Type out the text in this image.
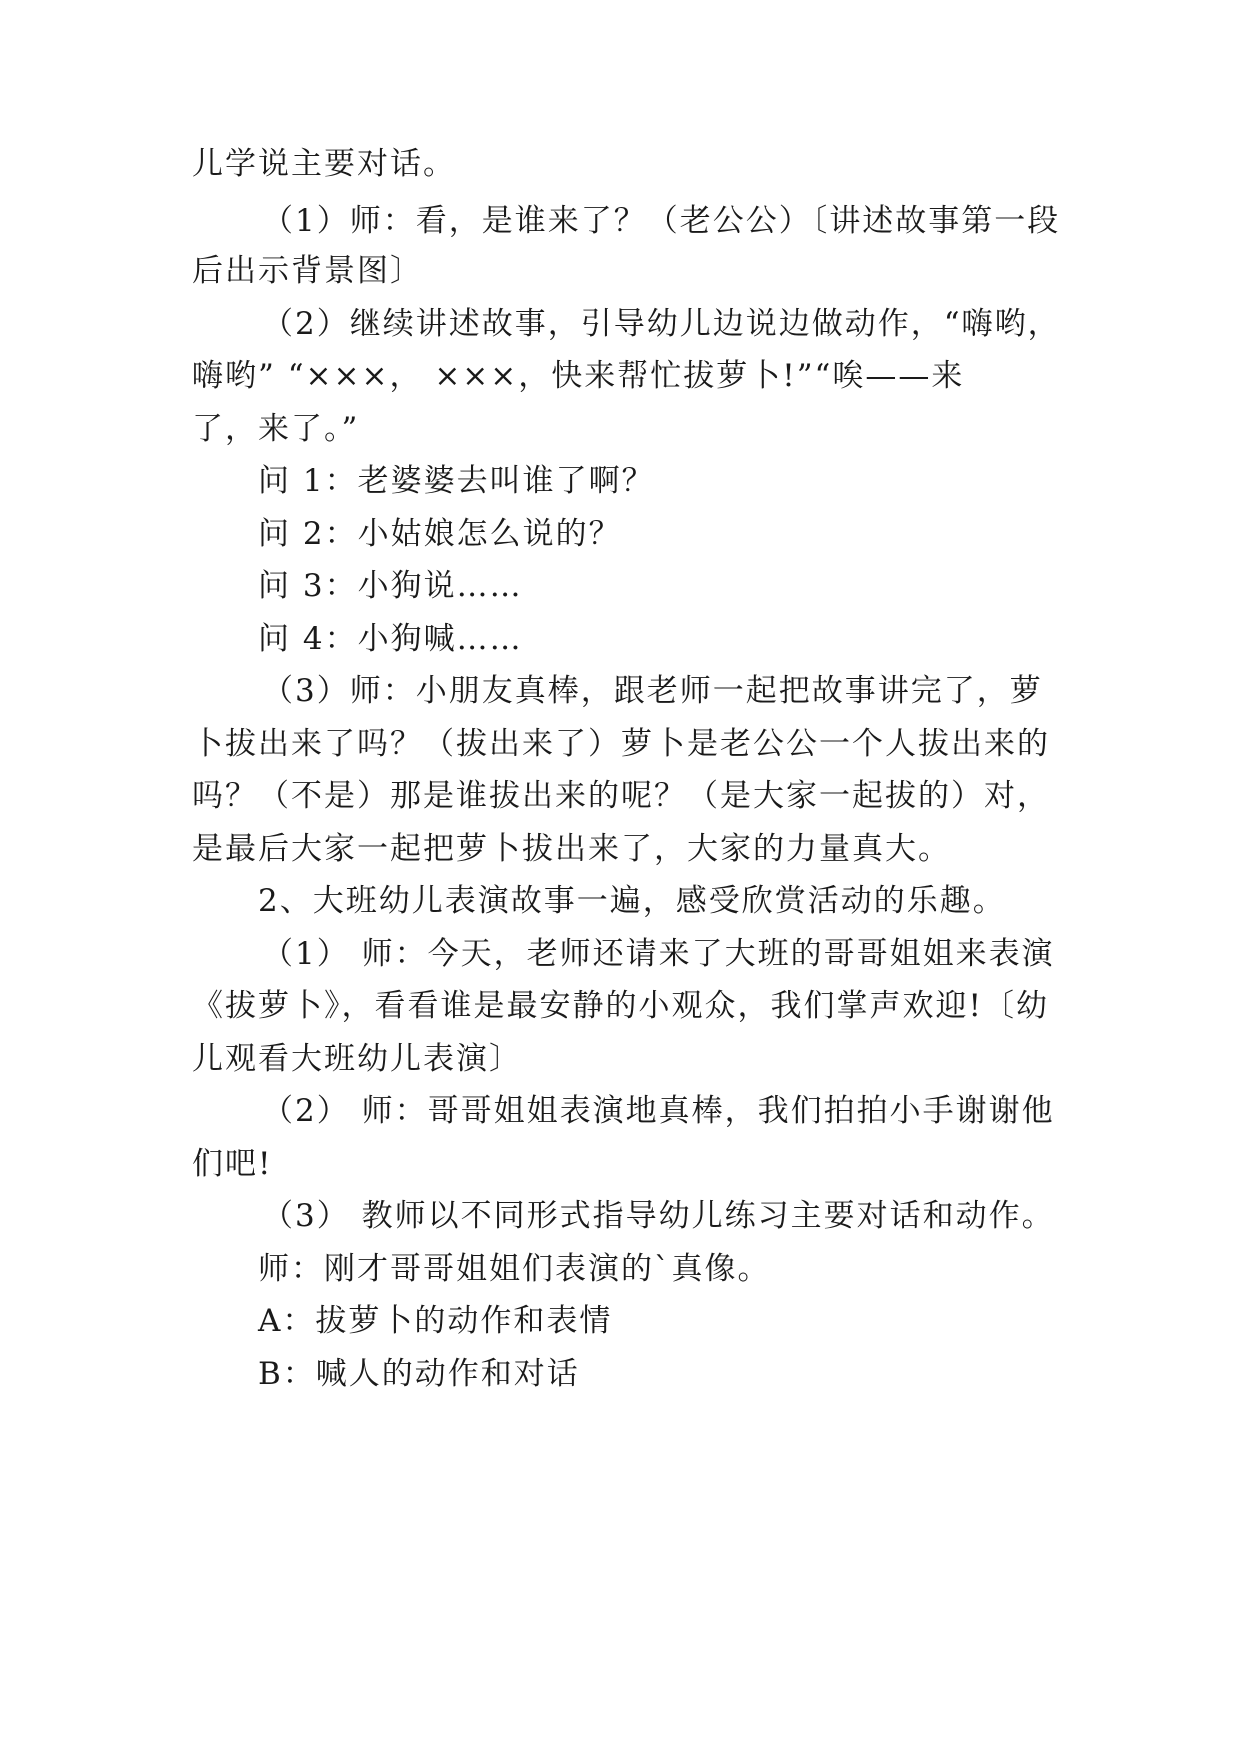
儿学说主要对话。
（1）师：看，是谁来了？（老公公）〔讲述故事第一段
后出示背景图〕
（2）继续讲述故事，引导幼儿边说边做动作，“嗨哟，
嗨哟” “×××， ×××，快来帮忙拔萝卜!”“唉——来
了，来了。”
问 1：老婆婆去叫谁了啊？
问 2：小姑娘怎么说的？
问 3：小狗说……
问 4：小狗喊……
（3）师：小朋友真棒，跟老师一起把故事讲完了，萝
卜拔出来了吗？（拔出来了）萝卜是老公公一个人拔出来的
吗？（不是）那是谁拔出来的呢？（是大家一起拔的）对，
是最后大家一起把萝卜拔出来了，大家的力量真大。
2、大班幼儿表演故事一遍，感受欣赏活动的乐趣。
（1） 师：今天，老师还请来了大班的哥哥姐姐来表演
《拔萝卜》，看看谁是最安静的小观众，我们掌声欢迎!〔幼
儿观看大班幼儿表演〕
（2） 师：哥哥姐姐表演地真棒，我们拍拍小手谢谢他
们吧!
（3） 教师以不同形式指导幼儿练习主要对话和动作。
师：刚才哥哥姐姐们表演的`真像。
A：拔萝卜的动作和表情
B：喊人的动作和对话
